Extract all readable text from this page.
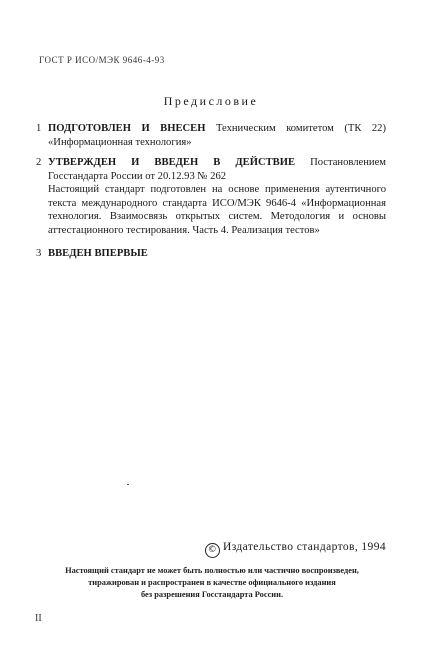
ГОСТ Р ИСО/МЭК 9646-4-93
Предисловие
1 ПОДГОТОВЛЕН И ВНЕСЕН Техническим комитетом (ТК 22) «Информационная технология»

2 УТВЕРЖДЕН И ВВЕДЕН В ДЕЙСТВИЕ Постановлением Госстандарта России от 20.12.93 № 262

Настоящий стандарт подготовлен на основе применения аутентичного текста международного стандарта ИСО/МЭК 9646-4 «Информационная технология. Взаимосвязь открытых систем. Методология и основы аттестационного тестирования. Часть 4. Реализация тестов»

3 ВВЕДЕН ВПЕРВЫЕ

© Издательство стандартов, 1994

Настоящий стандарт не может быть полностью или частично воспроизведен,

тиражирован и распространен в качестве официального издания

без разрешения Госстандарта России.

II
